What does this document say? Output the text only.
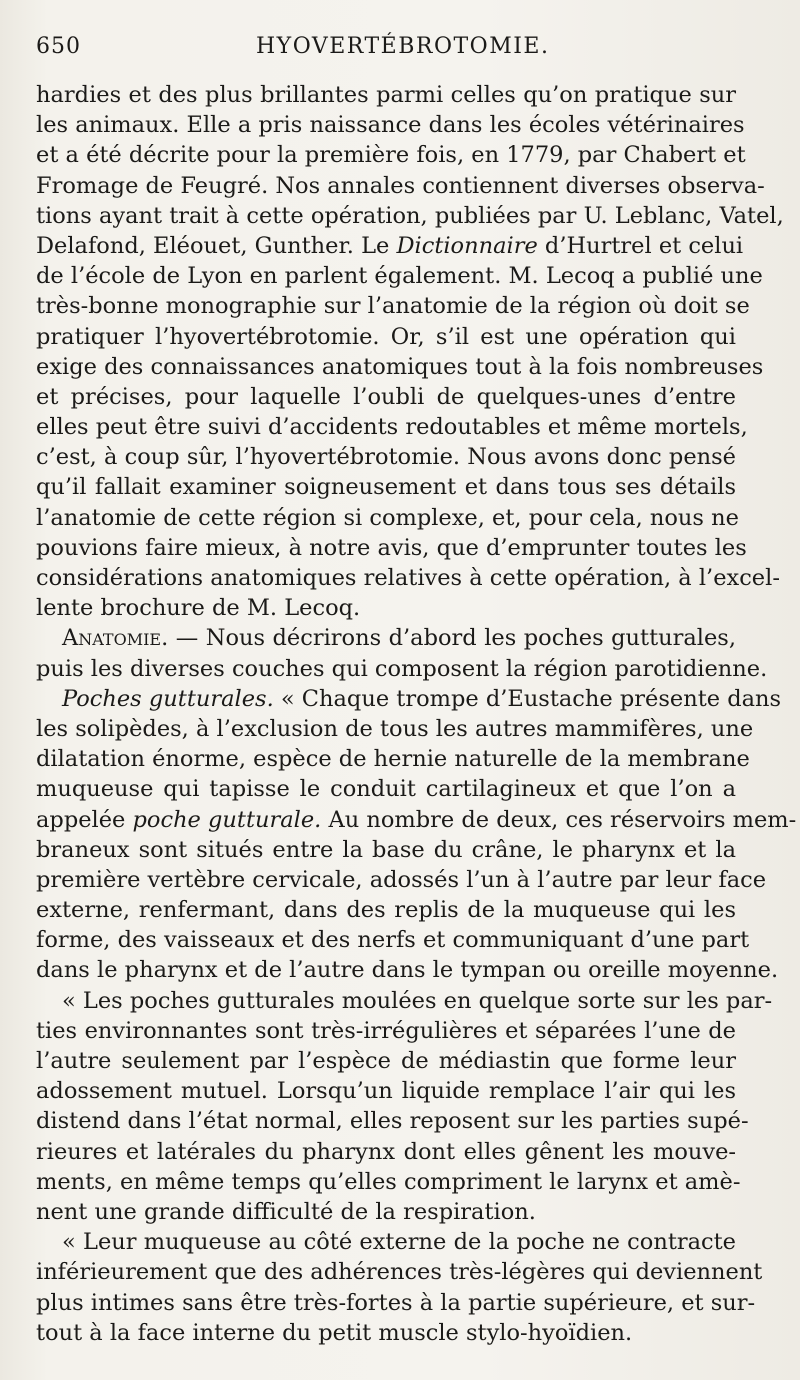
650	HYOVERTÉBROTOMIE.
hardies et des plus brillantes parmi celles qu’on pratique sur
les animaux. Elle a pris naissance dans les écoles vétérinaires
et a été décrite pour la première fois, en 1779, par Chabert et
Fromage de Feugré. Nos annales contiennent diverses observa-
tions ayant trait à cette opération, publiées par U. Leblanc, Vatel,
Delafond, Eléouet, Gunther. Le Dictionnaire d’Hurtrel et celui
de l’école de Lyon en parlent également. M. Lecoq a publié une
très-bonne monographie sur l’anatomie de la région où doit se
pratiquer l’hyovertébrotomie. Or, s’il est une opération qui
exige des connaissances anatomiques tout à la fois nombreuses
et précises, pour laquelle l’oubli de quelques-unes d’entre
elles peut être suivi d’accidents redoutables et même mortels,
c’est, à coup sûr, l’hyovertébrotomie. Nous avons donc pensé
qu’il fallait examiner soigneusement et dans tous ses détails
l’anatomie de cette région si complexe, et, pour cela, nous ne
pouvions faire mieux, à notre avis, que d’emprunter toutes les
considérations anatomiques relatives à cette opération, à l’excel-
lente brochure de M. Lecoq.
Anatomie. — Nous décrirons d’abord les poches gutturales,
puis les diverses couches qui composent la région parotidienne.
Poches gutturales. « Chaque trompe d’Eustache présente dans
les solipèdes, à l’exclusion de tous les autres mammifères, une
dilatation énorme, espèce de hernie naturelle de la membrane
muqueuse qui tapisse le conduit cartilagineux et que l’on a
appelée poche gutturale. Au nombre de deux, ces réservoirs mem-
braneux sont situés entre la base du crâne, le pharynx et la
première vertèbre cervicale, adossés l’un à l’autre par leur face
externe, renfermant, dans des replis de la muqueuse qui les
forme, des vaisseaux et des nerfs et communiquant d’une part
dans le pharynx et de l’autre dans le tympan ou oreille moyenne.
« Les poches gutturales moulées en quelque sorte sur les par-
ties environnantes sont très-irrégulières et séparées l’une de
l’autre seulement par l’espèce de médiastin que forme leur
adossement mutuel. Lorsqu’un liquide remplace l’air qui les
distend dans l’état normal, elles reposent sur les parties supé-
rieures et latérales du pharynx dont elles gênent les mouve-
ments, en même temps qu’elles compriment le larynx et amè-
nent une grande difficulté de la respiration.
« Leur muqueuse au côté externe de la poche ne contracte
inférieurement que des adhérences très-légères qui deviennent
plus intimes sans être très-fortes à la partie supérieure, et sur-
tout à la face interne du petit muscle stylo-hyoïdien.
